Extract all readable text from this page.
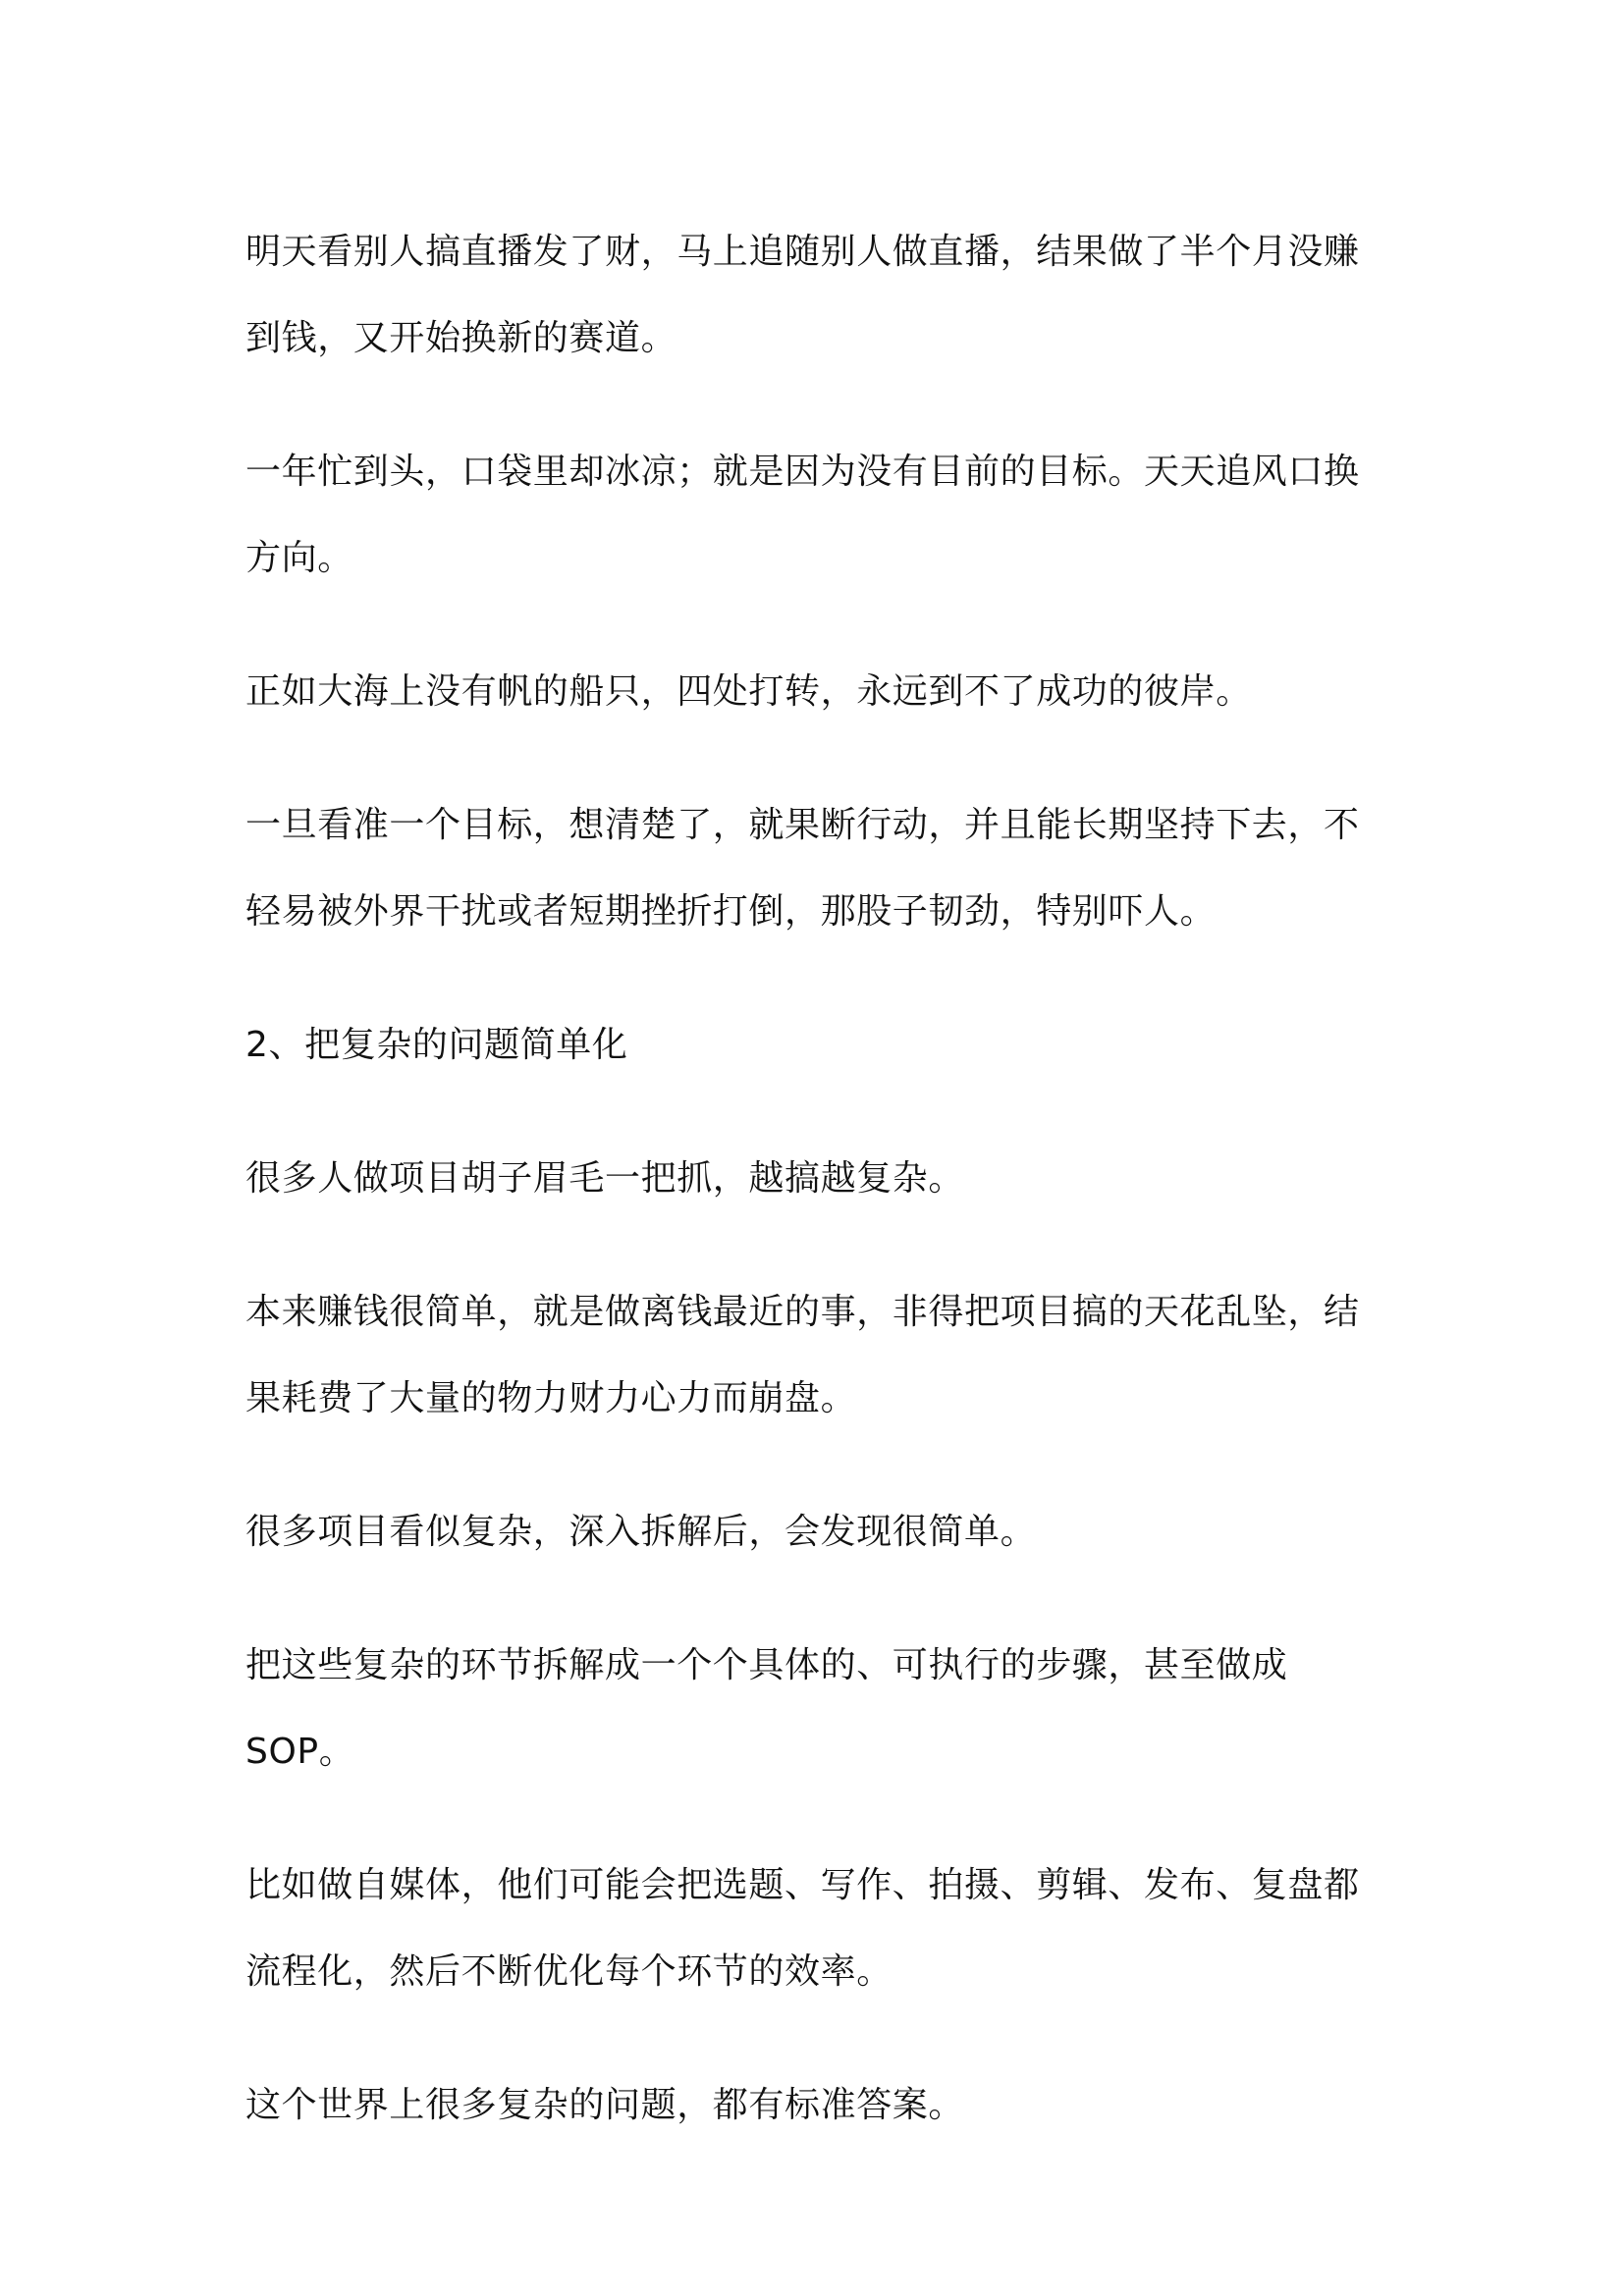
明天看别人搞直播发了财，马上追随别人做直播，结果做了半个月没赚到钱，又开始换新的赛道。

一年忙到头，口袋里却冰凉；就是因为没有目前的目标。天天追风口换方向。

正如大海上没有帆的船只，四处打转，永远到不了成功的彼岸。

一旦看准一个目标，想清楚了，就果断行动，并且能长期坚持下去，不轻易被外界干扰或者短期挫折打倒，那股子韧劲，特别吓人。

2、把复杂的问题简单化

很多人做项目胡子眉毛一把抓，越搞越复杂。

本来赚钱很简单，就是做离钱最近的事，非得把项目搞的天花乱坠，结果耗费了大量的物力财力心力而崩盘。

很多项目看似复杂，深入拆解后，会发现很简单。

把这些复杂的环节拆解成一个个具体的、可执行的步骤，甚至做成 SOP。

比如做自媒体，他们可能会把选题、写作、拍摄、剪辑、发布、复盘都流程化，然后不断优化每个环节的效率。

这个世界上很多复杂的问题，都有标准答案。
